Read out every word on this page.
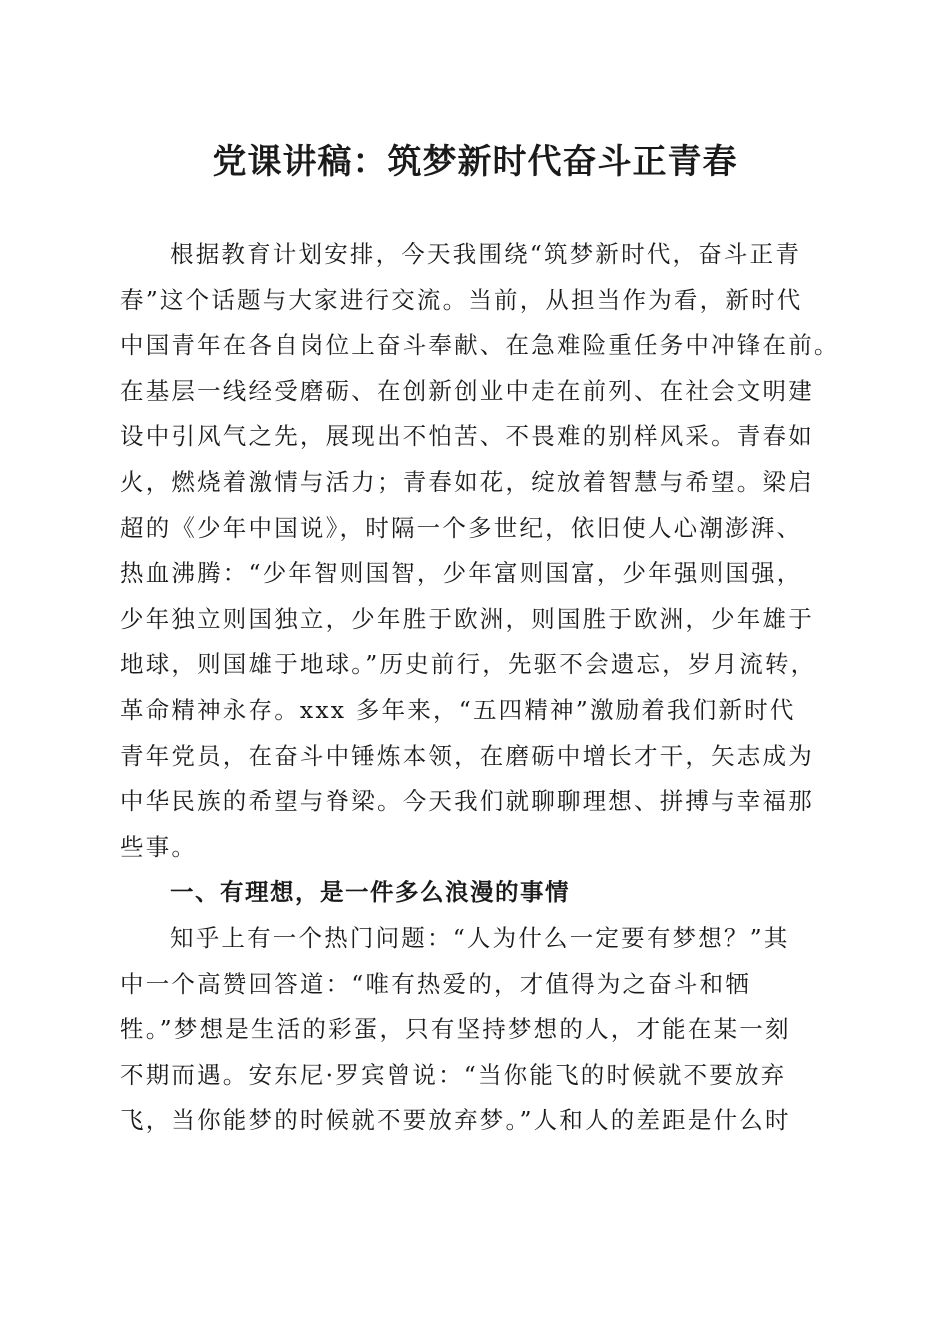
党课讲稿：筑梦新时代奋斗正青春
根据教育计划安排，今天我围绕“筑梦新时代，奋斗正青
春”这个话题与大家进行交流。当前，从担当作为看，新时代
中国青年在各自岗位上奋斗奉献、在急难险重任务中冲锋在前。
在基层一线经受磨砺、在创新创业中走在前列、在社会文明建
设中引风气之先，展现出不怕苦、不畏难的别样风采。青春如
火，燃烧着激情与活力；青春如花，绽放着智慧与希望。梁启
超的《少年中国说》，时隔一个多世纪，依旧使人心潮澎湃、
热血沸腾：“少年智则国智，少年富则国富，少年强则国强，
少年独立则国独立，少年胜于欧洲，则国胜于欧洲，少年雄于
地球，则国雄于地球。”历史前行，先驱不会遗忘，岁月流转，
革命精神永存。xxx 多年来，“五四精神”激励着我们新时代
青年党员，在奋斗中锤炼本领，在磨砺中增长才干，矢志成为
中华民族的希望与脊梁。今天我们就聊聊理想、拼搏与幸福那
些事。
一、有理想，是一件多么浪漫的事情
知乎上有一个热门问题：“人为什么一定要有梦想？”其
中一个高赞回答道：“唯有热爱的，才值得为之奋斗和牺
牲。”梦想是生活的彩蛋，只有坚持梦想的人，才能在某一刻
不期而遇。安东尼·罗宾曾说：“当你能飞的时候就不要放弃
飞，当你能梦的时候就不要放弃梦。”人和人的差距是什么时
